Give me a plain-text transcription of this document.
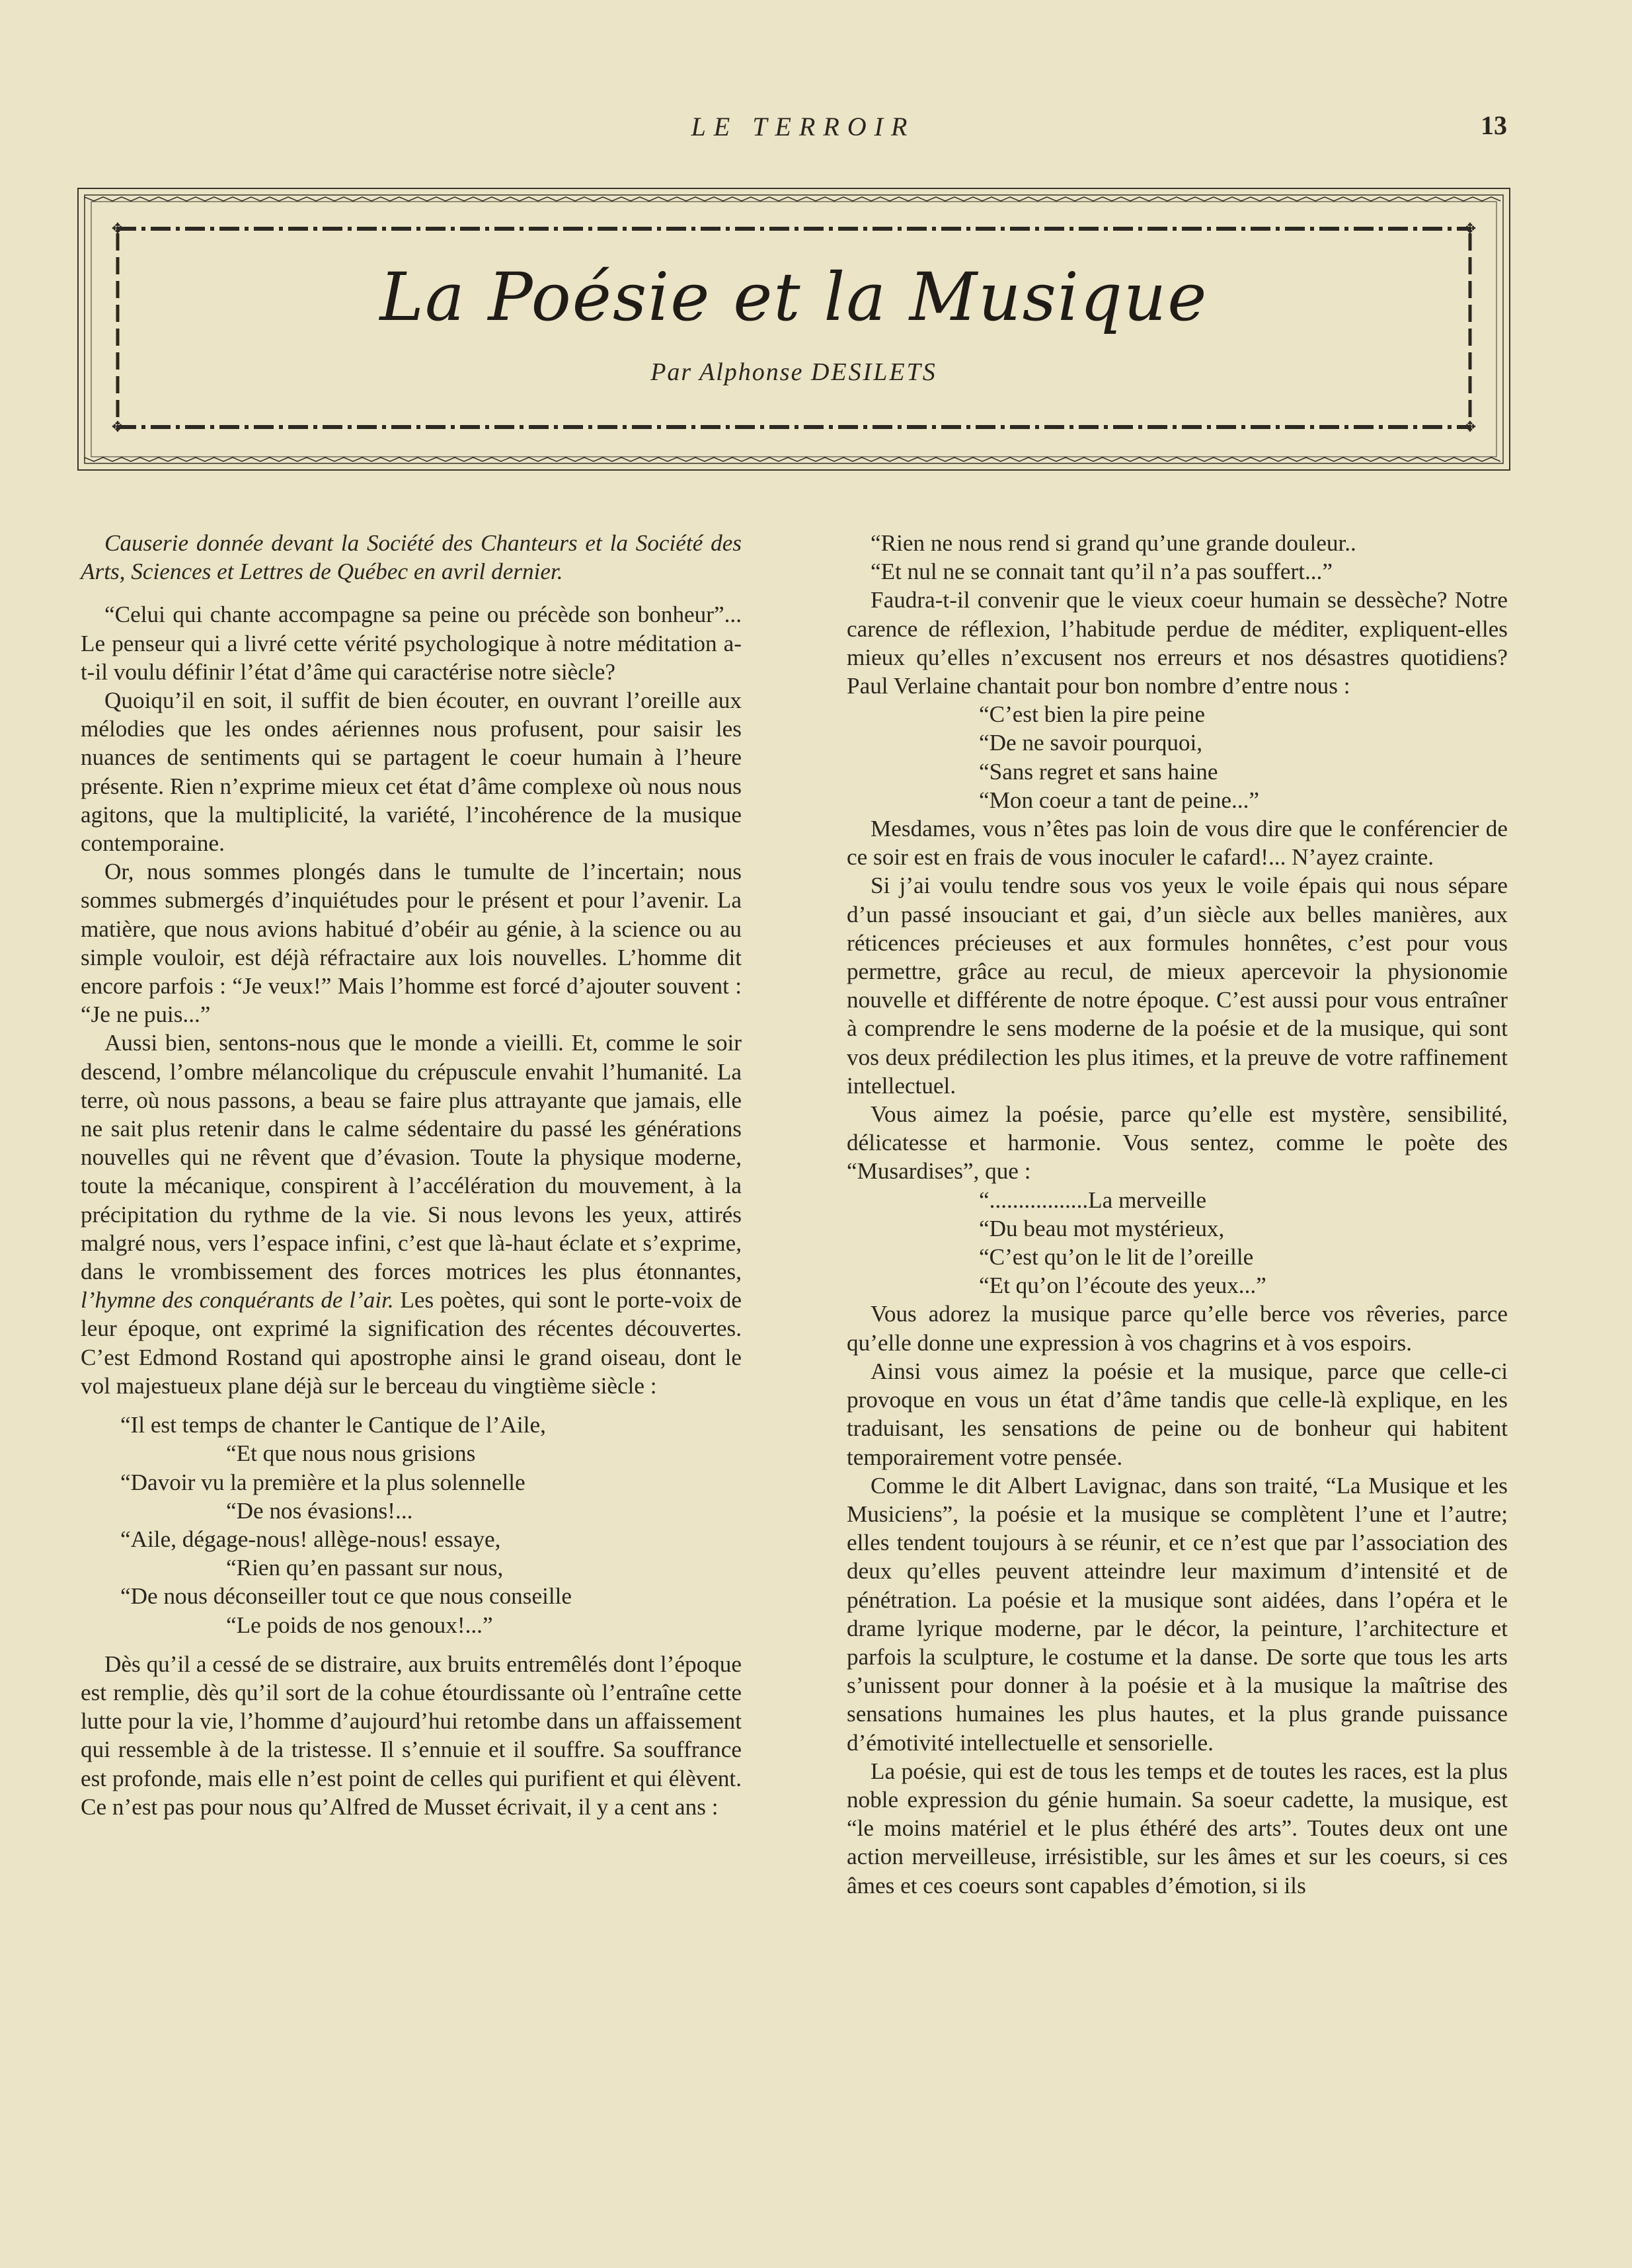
LE TERROIR	13
✥	✥
✥	✥
La Poésie et la Musique
Par Alphonse DESILETS

Causerie donnée devant la Société des Chanteurs et la Société des Arts, Sciences et Lettres de Québec en avril dernier.

“Celui qui chante accompagne sa peine ou précède son bonheur”... Le penseur qui a livré cette vérité psychologique à notre méditation a-t-il voulu définir l’état d’âme qui caractérise notre siècle?

Quoiqu’il en soit, il suffit de bien écouter, en ouvrant l’oreille aux mélodies que les ondes aériennes nous profusent, pour saisir les nuances de sentiments qui se partagent le coeur humain à l’heure présente. Rien n’exprime mieux cet état d’âme complexe où nous nous agitons, que la multiplicité, la variété, l’incohérence de la musique contemporaine.

Or, nous sommes plongés dans le tumulte de l’incertain; nous sommes submergés d’inquiétudes pour le présent et pour l’avenir. La matière, que nous avions habitué d’obéir au génie, à la science ou au simple vouloir, est déjà réfractaire aux lois nouvelles. L’homme dit encore parfois : “Je veux!” Mais l’homme est forcé d’ajouter souvent : “Je ne puis...”

Aussi bien, sentons-nous que le monde a vieilli. Et, comme le soir descend, l’ombre mélancolique du crépuscule envahit l’humanité. La terre, où nous passons, a beau se faire plus attrayante que jamais, elle ne sait plus retenir dans le calme sédentaire du passé les générations nouvelles qui ne rêvent que d’évasion. Toute la physique moderne, toute la mécanique, conspirent à l’accélération du mouvement, à la précipitation du rythme de la vie. Si nous levons les yeux, attirés malgré nous, vers l’espace infini, c’est que là-haut éclate et s’exprime, dans le vrombissement des forces motrices les plus étonnantes, l’hymne des conquérants de l’air. Les poètes, qui sont le porte-voix de leur époque, ont exprimé la signification des récentes découvertes. C’est Edmond Rostand qui apostrophe ainsi le grand oiseau, dont le vol majestueux plane déjà sur le berceau du vingtième siècle :

“Il est temps de chanter le Cantique de l’Aile,
“Et que nous nous grisions
“Davoir vu la première et la plus solennelle
“De nos évasions!...
“Aile, dégage-nous! allège-nous! essaye,
“Rien qu’en passant sur nous,
“De nous déconseiller tout ce que nous conseille
“Le poids de nos genoux!...”

Dès qu’il a cessé de se distraire, aux bruits entremêlés dont l’époque est remplie, dès qu’il sort de la cohue étourdissante où l’entraîne cette lutte pour la vie, l’homme d’aujourd’hui retombe dans un affaissement qui ressemble à de la tristesse. Il s’ennuie et il souffre. Sa souffrance est profonde, mais elle n’est point de celles qui purifient et qui élèvent. Ce n’est pas pour nous qu’Alfred de Musset écrivait, il y a cent ans :

“Rien ne nous rend si grand qu’une grande douleur..

“Et nul ne se connait tant qu’il n’a pas souffert...”

Faudra-t-il convenir que le vieux coeur humain se dessèche? Notre carence de réflexion, l’habitude perdue de méditer, expliquent-elles mieux qu’elles n’excusent nos erreurs et nos désastres quotidiens? Paul Verlaine chantait pour bon nombre d’entre nous :

“C’est bien la pire peine
“De ne savoir pourquoi,
“Sans regret et sans haine
“Mon coeur a tant de peine...”

Mesdames, vous n’êtes pas loin de vous dire que le conférencier de ce soir est en frais de vous inoculer le cafard!... N’ayez crainte.

Si j’ai voulu tendre sous vos yeux le voile épais qui nous sépare d’un passé insouciant et gai, d’un siècle aux belles manières, aux réticences précieuses et aux formules honnêtes, c’est pour vous permettre, grâce au recul, de mieux apercevoir la physionomie nouvelle et différente de notre époque. C’est aussi pour vous entraîner à comprendre le sens moderne de la poésie et de la musique, qui sont vos deux prédilection les plus itimes, et la preuve de votre raffinement intellectuel.

Vous aimez la poésie, parce qu’elle est mystère, sensibilité, délicatesse et harmonie. Vous sentez, comme le poète des “Musardises”, que :

“.................La merveille
“Du beau mot mystérieux,
“C’est qu’on le lit de l’oreille
“Et qu’on l’écoute des yeux...”

Vous adorez la musique parce qu’elle berce vos rêveries, parce qu’elle donne une expression à vos chagrins et à vos espoirs.

Ainsi vous aimez la poésie et la musique, parce que celle-ci provoque en vous un état d’âme tandis que celle-là explique, en les traduisant, les sensations de peine ou de bonheur qui habitent temporairement votre pensée.

Comme le dit Albert Lavignac, dans son traité, “La Musique et les Musiciens”, la poésie et la musique se complètent l’une et l’autre; elles tendent toujours à se réunir, et ce n’est que par l’association des deux qu’elles peuvent atteindre leur maximum d’intensité et de pénétration. La poésie et la musique sont aidées, dans l’opéra et le drame lyrique moderne, par le décor, la peinture, l’architecture et parfois la sculpture, le costume et la danse. De sorte que tous les arts s’unissent pour donner à la poésie et à la musique la maîtrise des sensations humaines les plus hautes, et la plus grande puissance d’émotivité intellectuelle et sensorielle.

La poésie, qui est de tous les temps et de toutes les races, est la plus noble expression du génie humain. Sa soeur cadette, la musique, est “le moins matériel et le plus éthéré des arts”. Toutes deux ont une action merveilleuse, irrésistible, sur les âmes et sur les coeurs, si ces âmes et ces coeurs sont capables d’émotion, si ils
